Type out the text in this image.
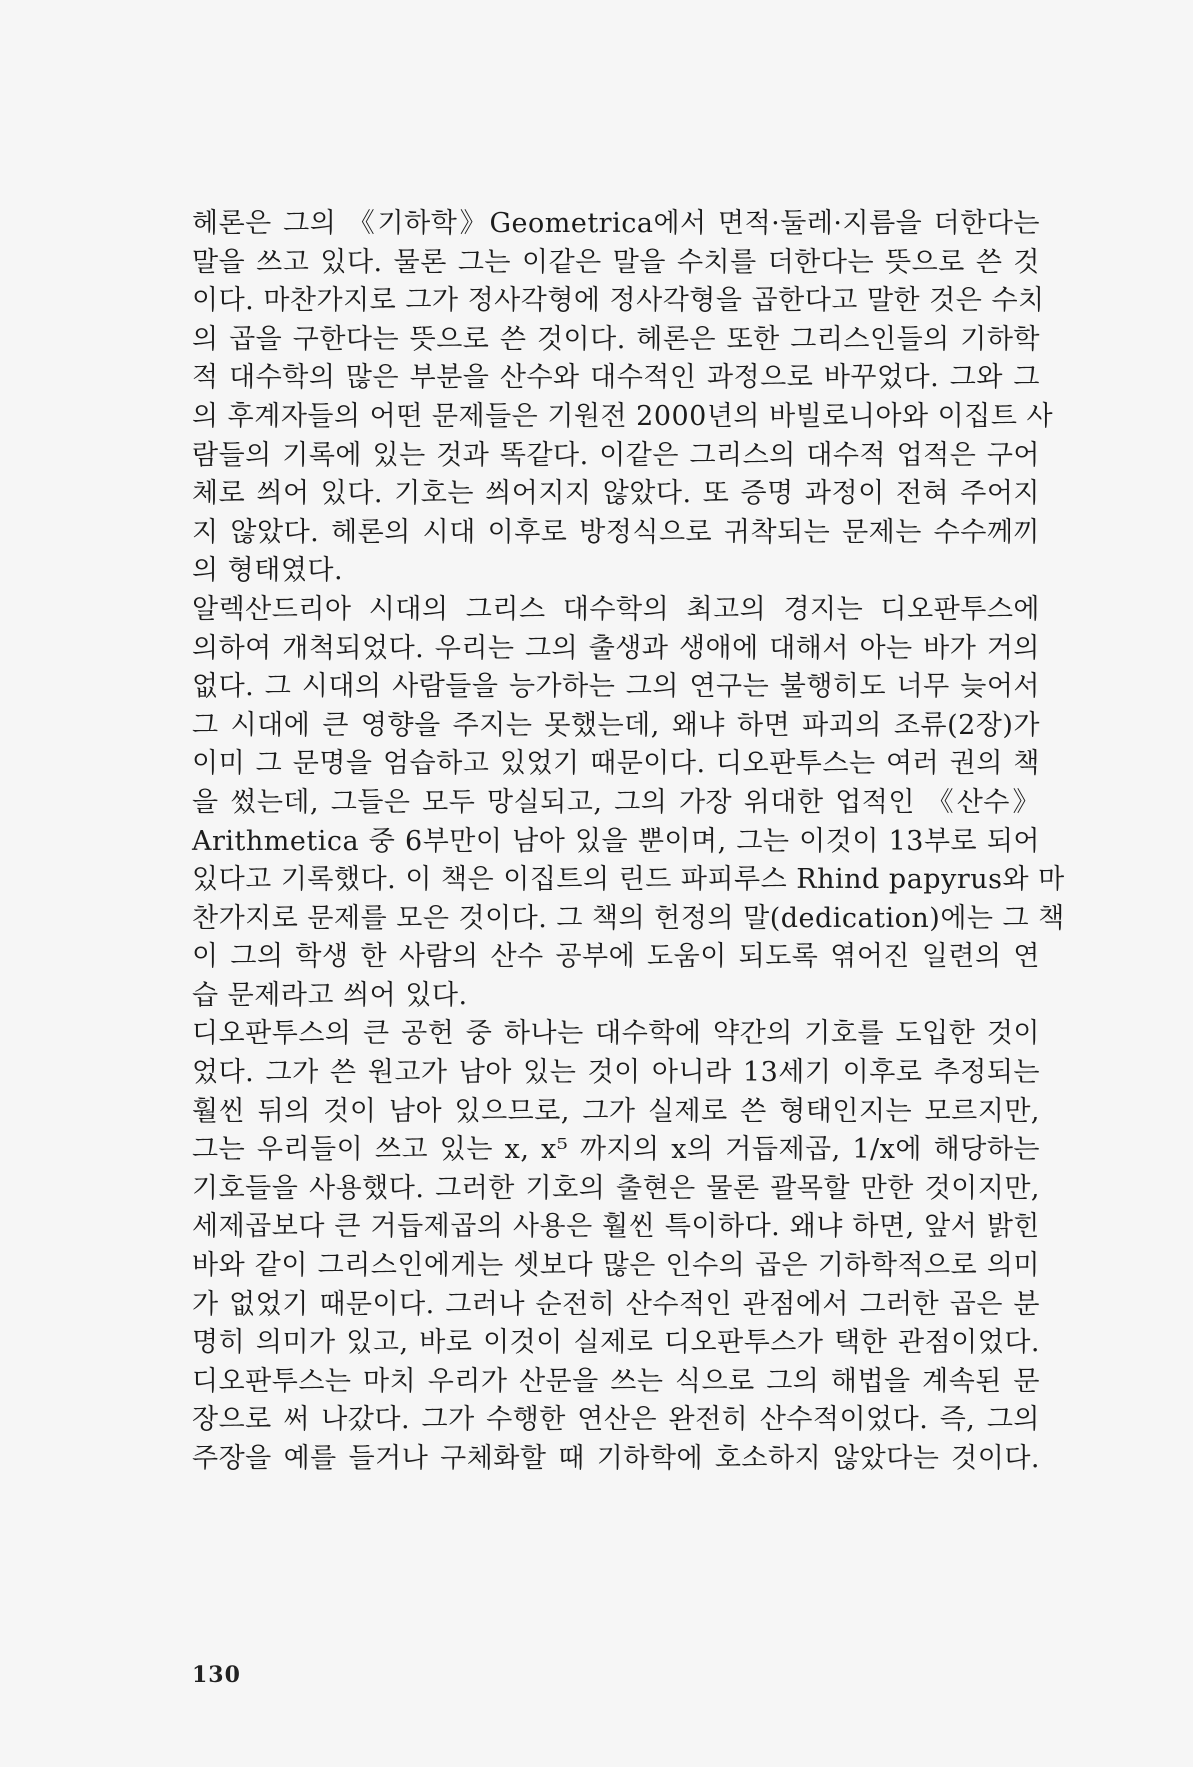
헤론은 그의 《기하학》Geometrica에서 면적·둘레·지름을 더한다는
말을 쓰고 있다. 물론 그는 이같은 말을 수치를 더한다는 뜻으로 쓴 것
이다. 마찬가지로 그가 정사각형에 정사각형을 곱한다고 말한 것은 수치
의 곱을 구한다는 뜻으로 쓴 것이다. 헤론은 또한 그리스인들의 기하학
적 대수학의 많은 부분을 산수와 대수적인 과정으로 바꾸었다. 그와 그
의 후계자들의 어떤 문제들은 기원전 2000년의 바빌로니아와 이집트 사
람들의 기록에 있는 것과 똑같다. 이같은 그리스의 대수적 업적은 구어
체로 씌어 있다. 기호는 씌어지지 않았다. 또 증명 과정이 전혀 주어지
지 않았다. 헤론의 시대 이후로 방정식으로 귀착되는 문제는 수수께끼
의 형태였다.
알렉산드리아 시대의 그리스 대수학의 최고의 경지는 디오판투스에
의하여 개척되었다. 우리는 그의 출생과 생애에 대해서 아는 바가 거의
없다. 그 시대의 사람들을 능가하는 그의 연구는 불행히도 너무 늦어서
그 시대에 큰 영향을 주지는 못했는데, 왜냐 하면 파괴의 조류(2장)가
이미 그 문명을 엄습하고 있었기 때문이다. 디오판투스는 여러 권의 책
을 썼는데, 그들은 모두 망실되고, 그의 가장 위대한 업적인 《산수》
Arithmetica 중 6부만이 남아 있을 뿐이며, 그는 이것이 13부로 되어
있다고 기록했다. 이 책은 이집트의 린드 파피루스 Rhind papyrus와 마
찬가지로 문제를 모은 것이다. 그 책의 헌정의 말(dedication)에는 그 책
이 그의 학생 한 사람의 산수 공부에 도움이 되도록 엮어진 일련의 연
습 문제라고 씌어 있다.
디오판투스의 큰 공헌 중 하나는 대수학에 약간의 기호를 도입한 것이
었다. 그가 쓴 원고가 남아 있는 것이 아니라 13세기 이후로 추정되는
훨씬 뒤의 것이 남아 있으므로, 그가 실제로 쓴 형태인지는 모르지만,
그는 우리들이 쓰고 있는 x, x⁵ 까지의 x의 거듭제곱, 1/x에 해당하는
기호들을 사용했다. 그러한 기호의 출현은 물론 괄목할 만한 것이지만,
세제곱보다 큰 거듭제곱의 사용은 훨씬 특이하다. 왜냐 하면, 앞서 밝힌
바와 같이 그리스인에게는 셋보다 많은 인수의 곱은 기하학적으로 의미
가 없었기 때문이다. 그러나 순전히 산수적인 관점에서 그러한 곱은 분
명히 의미가 있고, 바로 이것이 실제로 디오판투스가 택한 관점이었다.
디오판투스는 마치 우리가 산문을 쓰는 식으로 그의 해법을 계속된 문
장으로 써 나갔다. 그가 수행한 연산은 완전히 산수적이었다. 즉, 그의
주장을 예를 들거나 구체화할 때 기하학에 호소하지 않았다는 것이다.
130
